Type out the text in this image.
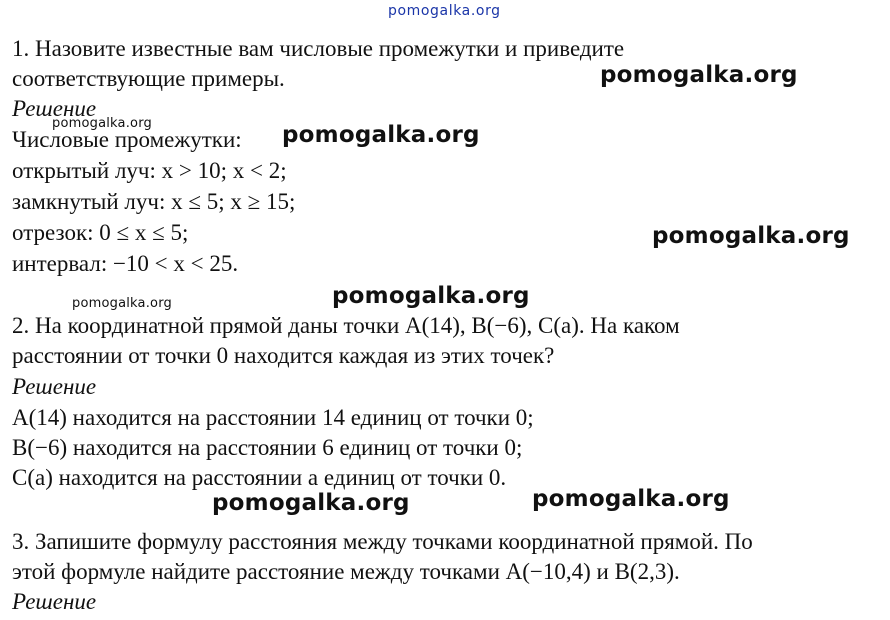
pomogalka.org
1. Назовите известные вам числовые промежутки и приведите
соответствующие примеры.
Решение
Числовые промежутки:
открытый луч: x > 10; x < 2;
замкнутый луч: x ≤ 5; x ≥ 15;
отрезок: 0 ≤ x ≤ 5;
интервал: −10 < x < 25.
2. На координатной прямой даны точки A(14), B(−6), C(a). На каком
расстоянии от точки 0 находится каждая из этих точек?
Решение
A(14) находится на расстоянии 14 единиц от точки 0;
B(−6) находится на расстоянии 6 единиц от точки 0;
C(a) находится на расстоянии a единиц от точки 0.
3. Запишите формулу расстояния между точками координатной прямой. По
этой формуле найдите расстояние между точками A(−10,4) и B(2,3).
Решение
pomogalka.org
pomogalka.org	pomogalka.org
pomogalka.org
pomogalka.org	pomogalka.org
pomogalka.org	pomogalka.org
